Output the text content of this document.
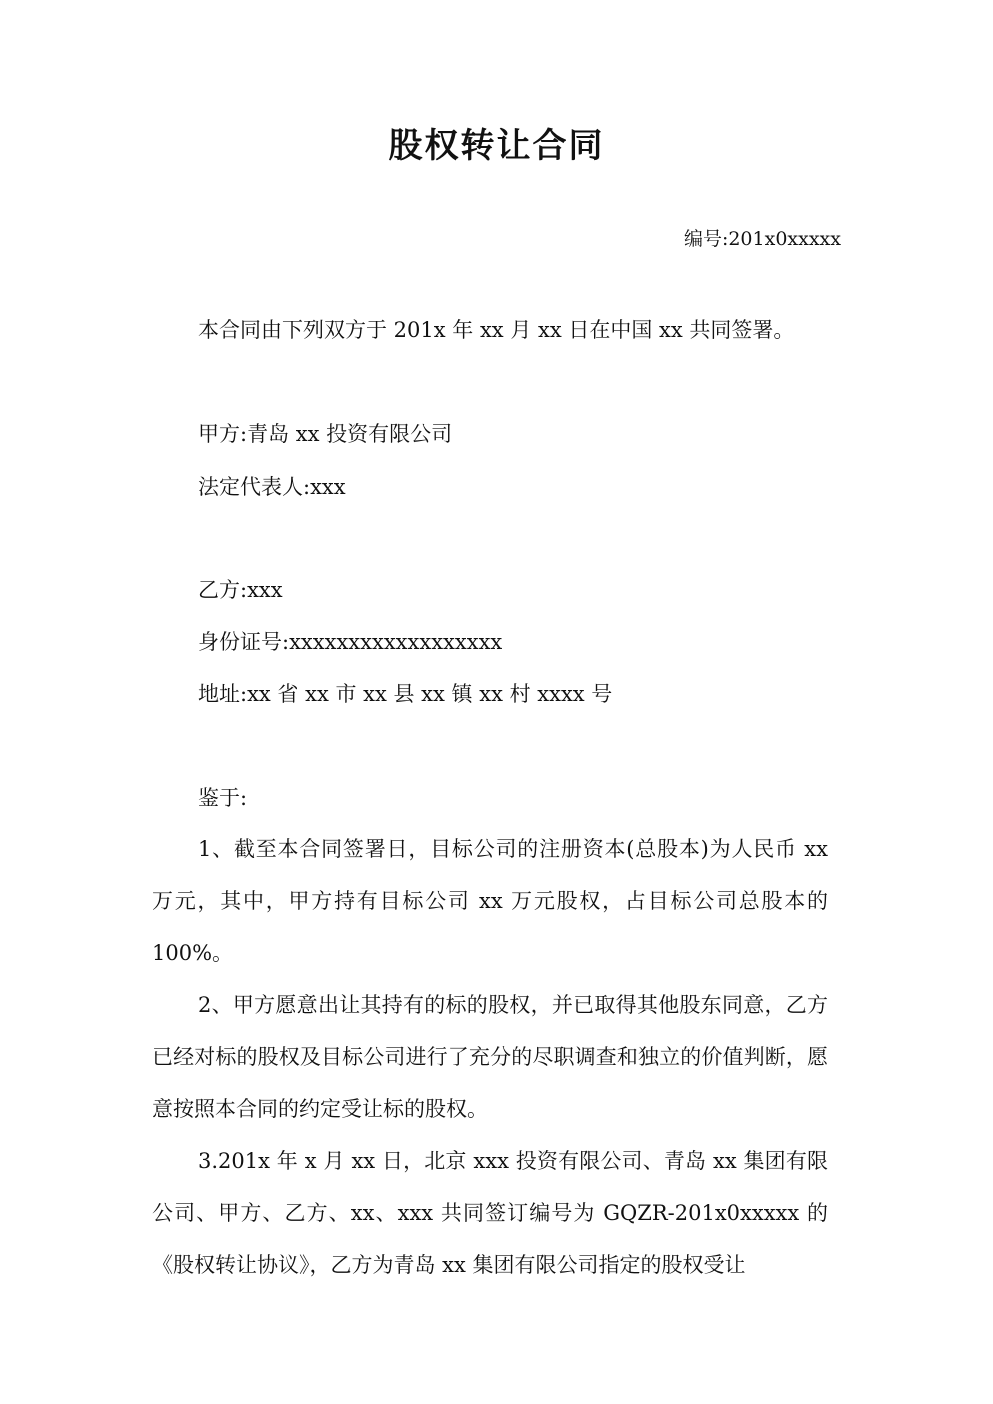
股权转让合同
编号:201x0xxxxx
本合同由下列双方于 201x 年 xx 月 xx 日在中国 xx 共同签署。
甲方:青岛 xx 投资有限公司
法定代表人:xxx
乙方:xxx
身份证号:xxxxxxxxxxxxxxxxxx
地址:xx 省 xx 市 xx 县 xx 镇 xx 村 xxxx 号
鉴于:
1、截至本合同签署日，目标公司的注册资本(总股本)为人民币 xx 万元，其中，甲方持有目标公司 xx 万元股权，占目标公司总股本的 100%。
2、甲方愿意出让其持有的标的股权，并已取得其他股东同意，乙方已经对标的股权及目标公司进行了充分的尽职调查和独立的价值判断，愿意按照本合同的约定受让标的股权。
3.201x 年 x 月 xx 日，北京 xxx 投资有限公司、青岛 xx 集团有限公司、甲方、乙方、xx、xxx 共同签订编号为 GQZR-201x0xxxxx 的《股权转让协议》，乙方为青岛 xx 集团有限公司指定的股权受让
